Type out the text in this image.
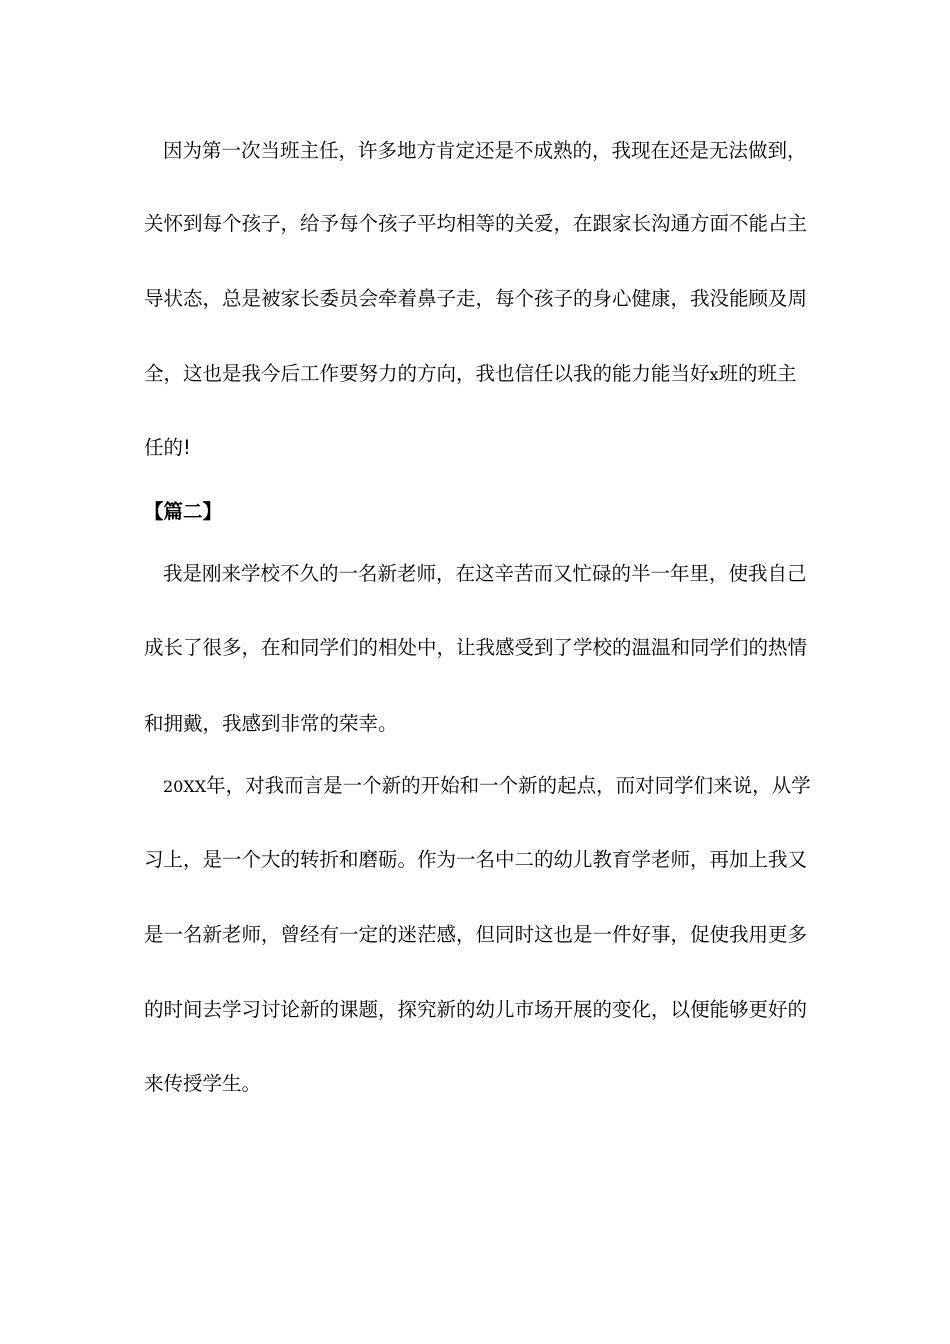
因为第一次当班主任，许多地方肯定还是不成熟的，我现在还是无法做到，
关怀到每个孩子，给予每个孩子平均相等的关爱，在跟家长沟通方面不能占主
导状态，总是被家长委员会牵着鼻子走，每个孩子的身心健康，我没能顾及周
全，这也是我今后工作要努力的方向，我也信任以我的能力能当好x班的班主
任的!
【篇二】
我是刚来学校不久的一名新老师，在这辛苦而又忙碌的半一年里，使我自己
成长了很多，在和同学们的相处中，让我感受到了学校的温温和同学们的热情
和拥戴，我感到非常的荣幸。
20XX年，对我而言是一个新的开始和一个新的起点，而对同学们来说，从学
习上，是一个大的转折和磨砺。作为一名中二的幼儿教育学老师，再加上我又
是一名新老师，曾经有一定的迷茫感，但同时这也是一件好事，促使我用更多
的时间去学习讨论新的课题，探究新的幼儿市场开展的变化，以便能够更好的
来传授学生。
